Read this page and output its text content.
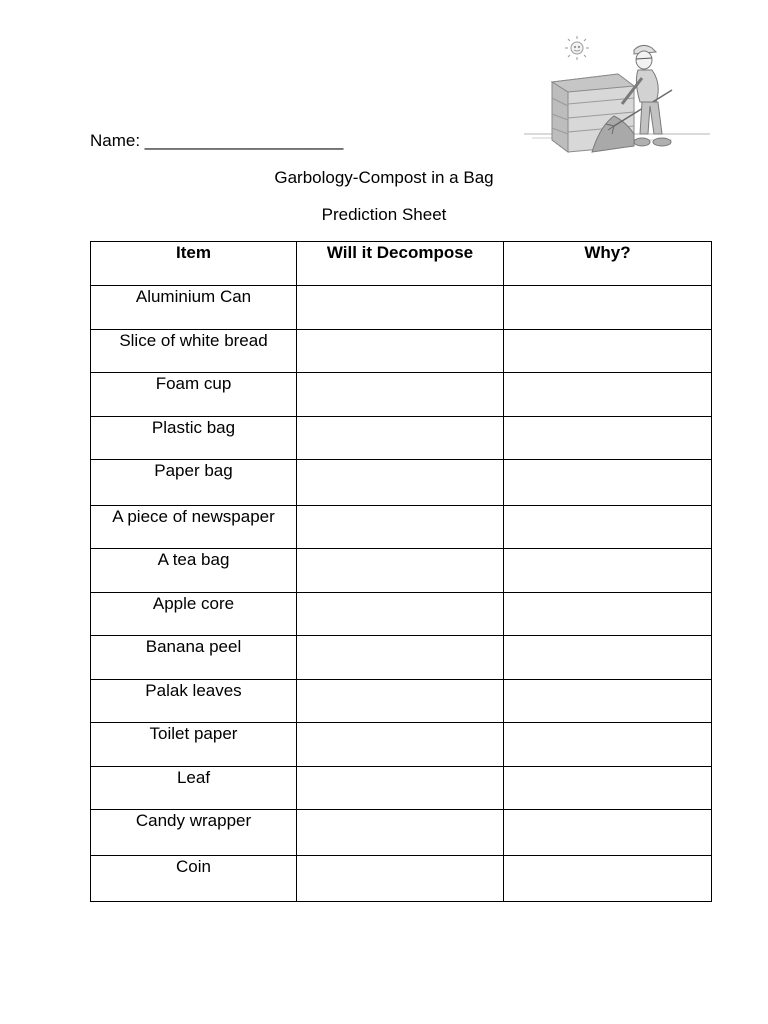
Name: _____________________
Garbology-Compost in a Bag
Prediction Sheet
Item	Will it Decompose	Why?
Aluminium Can		
Slice of white bread		
Foam cup		
Plastic bag		
Paper bag		
A piece of newspaper		
A tea bag		
Apple core		
Banana peel		
Palak leaves		
Toilet paper		
Leaf		
Candy wrapper		
Coin		
